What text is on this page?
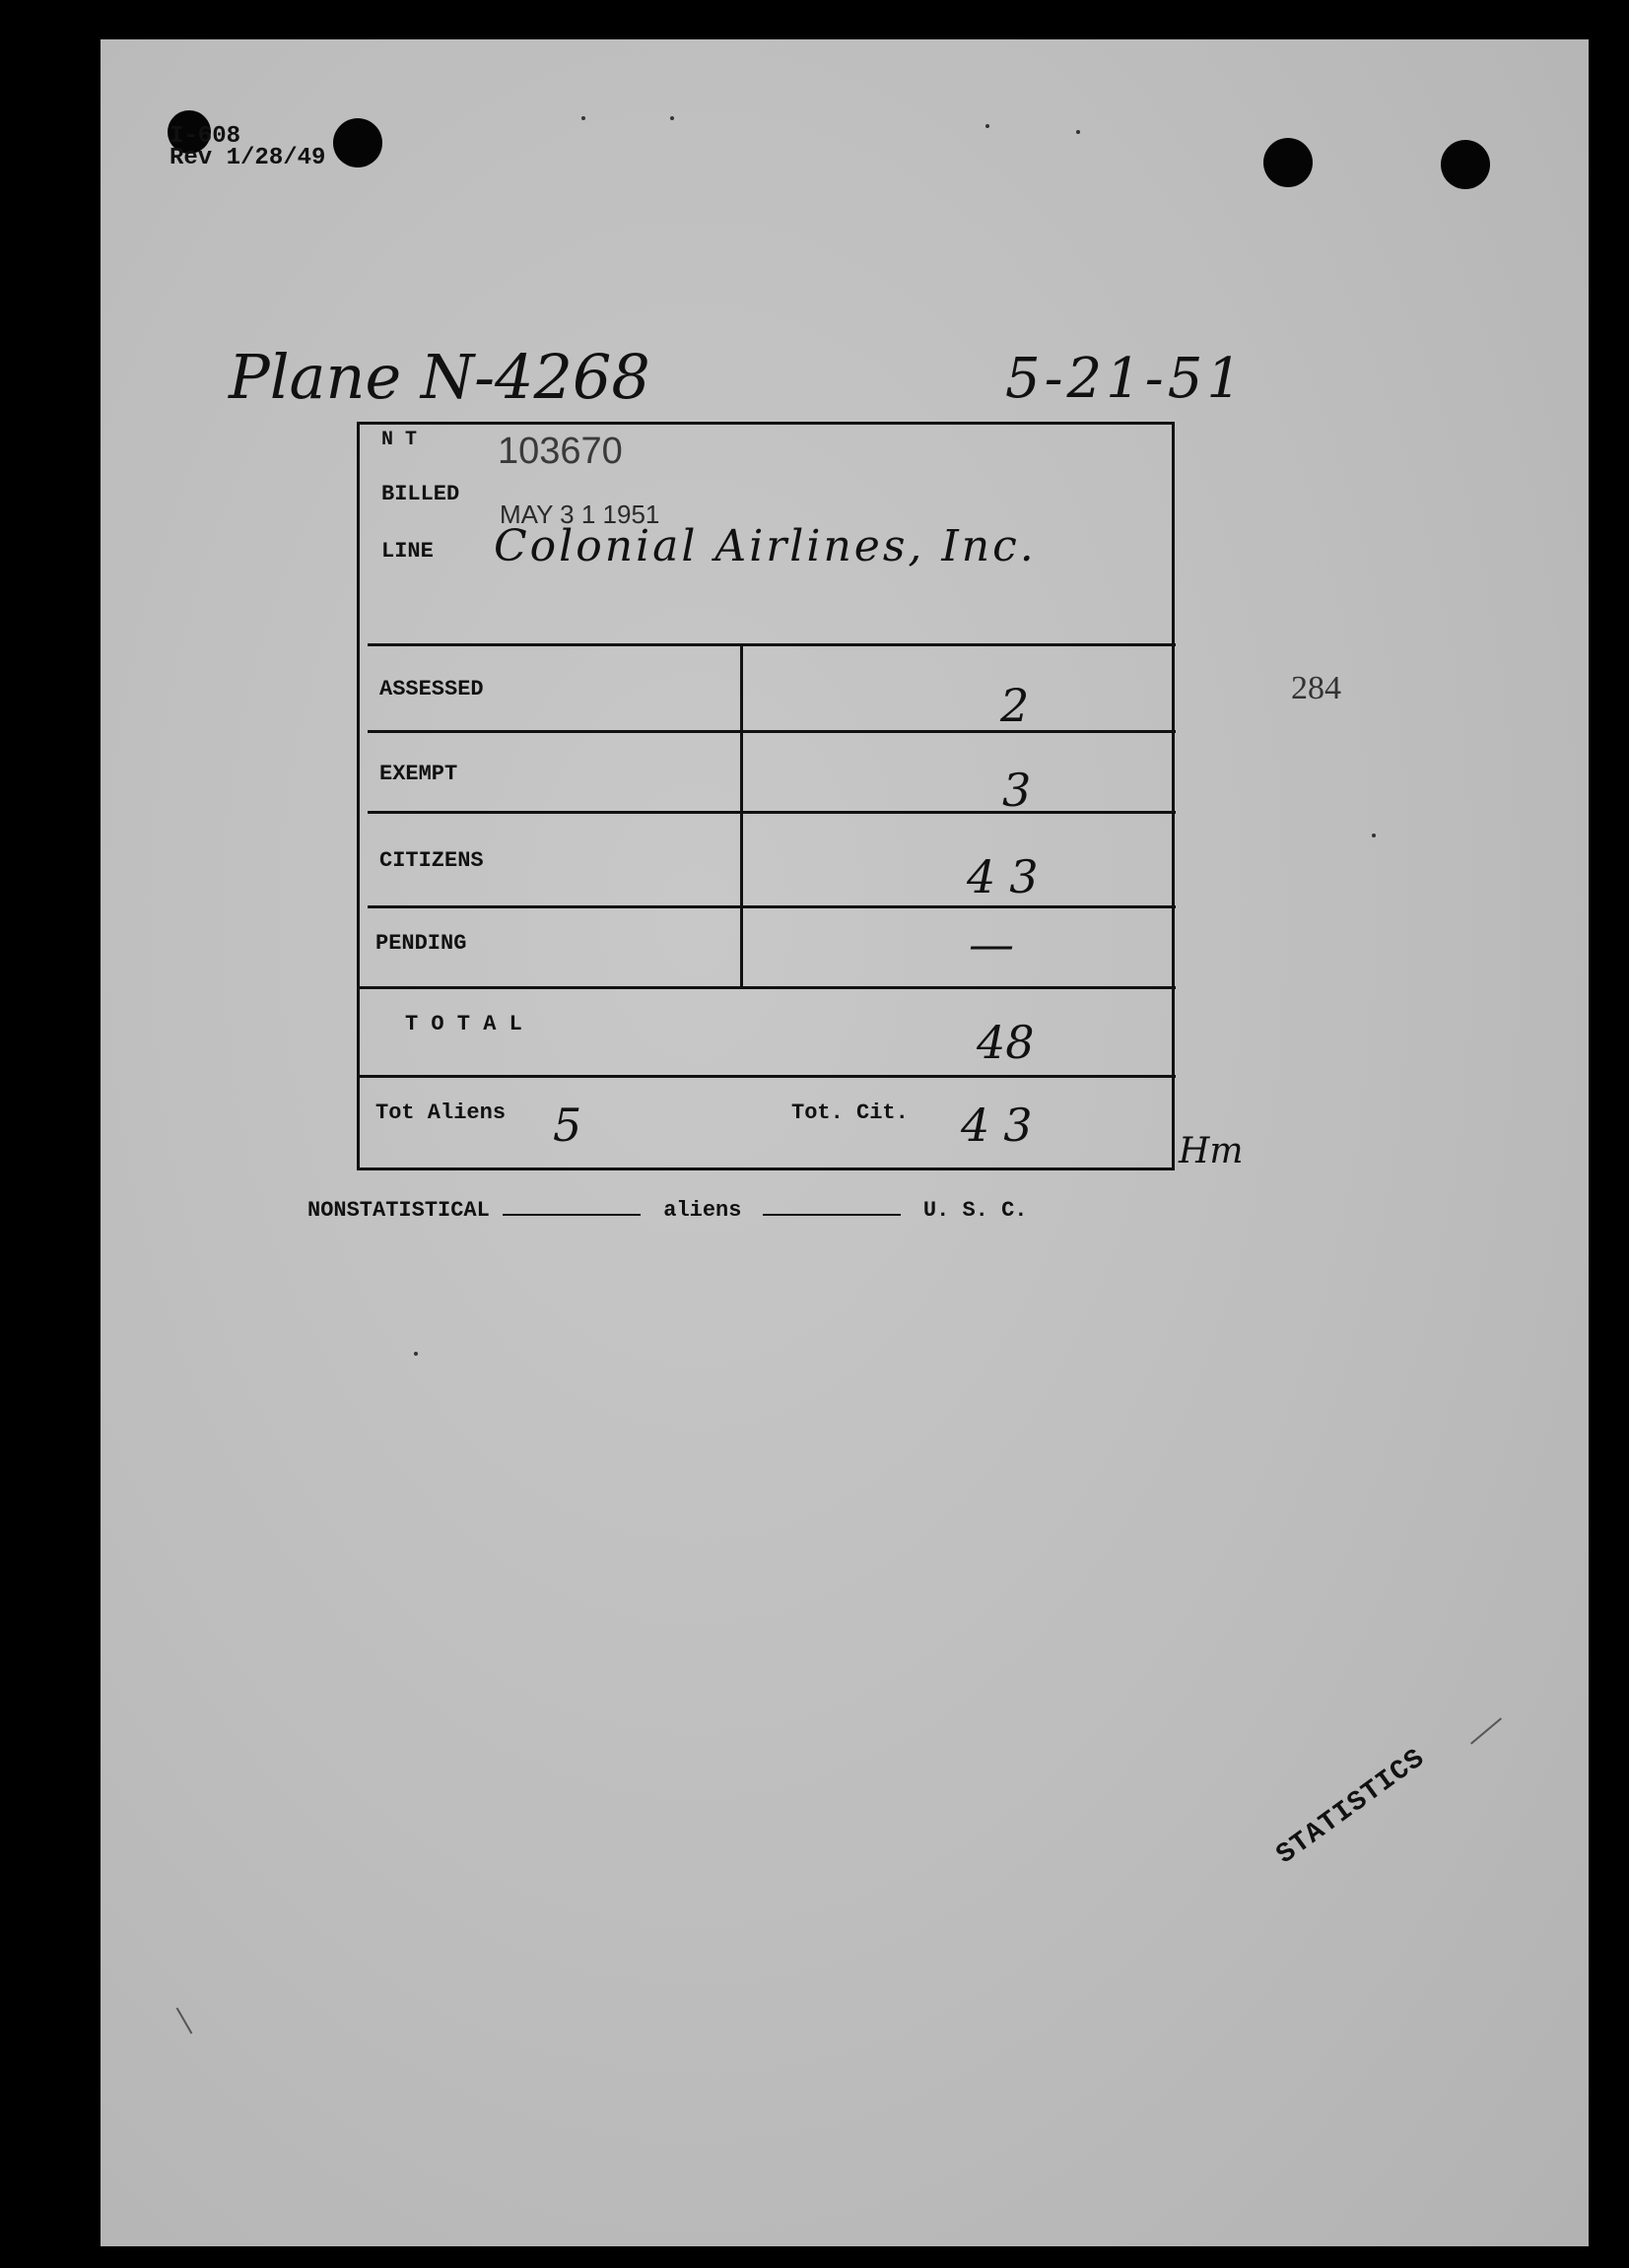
I-608
Rev 1/28/49
Plane N-4268	5-21-51
N T 103670
BILLED
MAY 3 1 1951
LINE Colonial Airlines, Inc.
ASSESSED	2
EXEMPT	3
CITIZENS	43
PENDING	—
T O T A L	48
Tot Aliens 5	Tot. Cit. 43	Hm
284
NONSTATISTICAL	aliens	U. S. C.
STATISTICS
